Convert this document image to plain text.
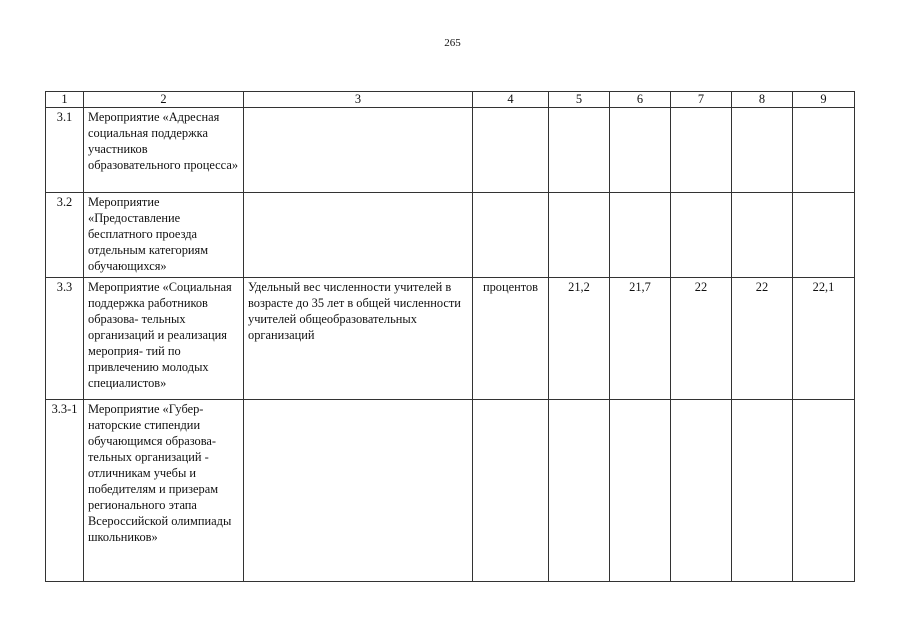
265
1	2	3	4	5	6	7	8	9
3.1	Мероприятие «Адресная социальная поддержка участников образовательного процесса»							
3.2	Мероприятие «Предоставление бесплатного проезда отдельным категориям обучающихся»							
3.3	Мероприятие «Социальная поддержка работников образова- тельных организаций и реализация мероприя- тий по привлечению молодых специалистов»	Удельный вес численности учителей в возрасте до 35 лет в общей численности учителей общеобразовательных организаций	процентов	21,2	21,7	22	22	22,1
3.3-1	Мероприятие «Губер- наторские стипендии обучающимся образова- тельных организаций - отличникам учебы и победителям и призерам регионального этапа Всероссийской олимпиады школьников»							
